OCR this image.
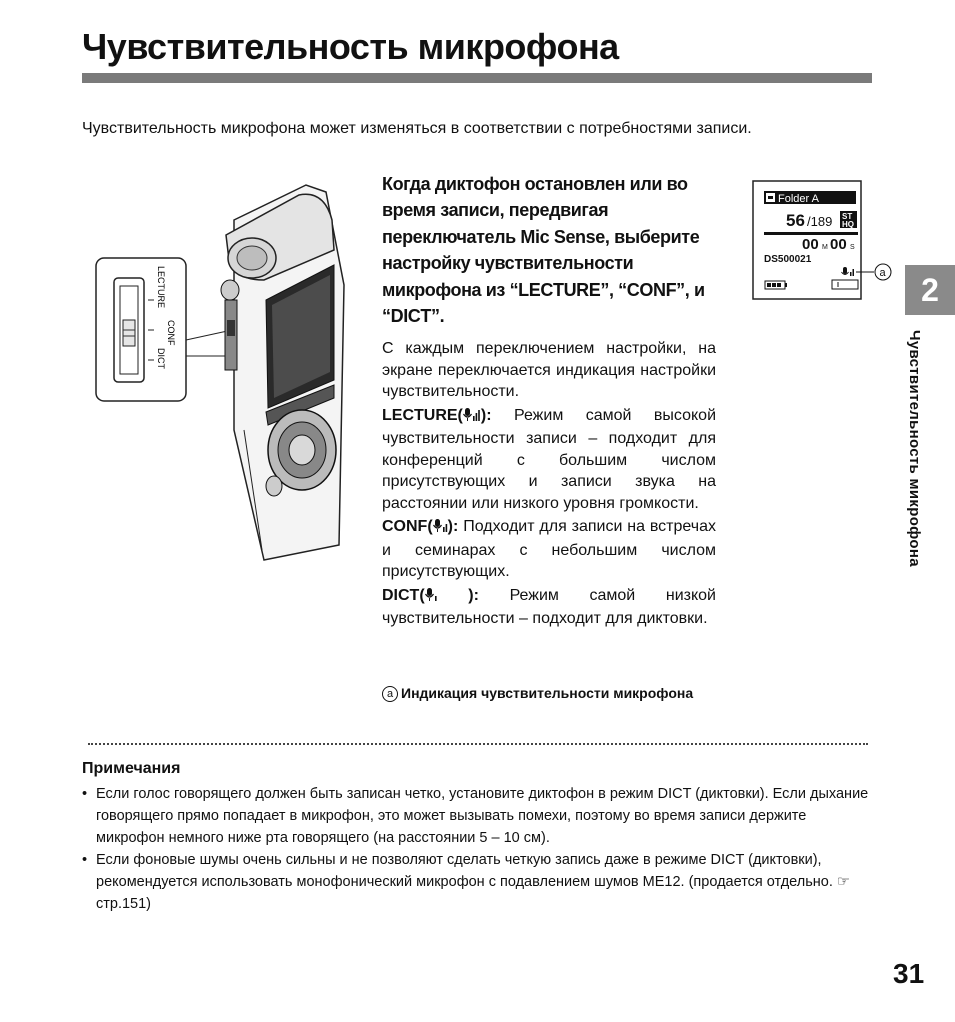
Чувствительность микрофона
Чувствительность микрофона может изменяться в соответствии с потребностями записи.
LECTURE
CONF
DICT
Когда диктофон остановлен или во время записи, передвигая переключатель Mic Sense, выберите настройку чувствительности микрофона из “LECTURE”, “CONF”, и “DICT”.

С каждым переключением настройки, на экране переключается индикация настройки чувствительности.

LECTURE( ): Режим самой высокой чувствительности записи – подходит для конференций с большим числом присутствующих и записи звука на расстоянии или низкого уровня громкости.

CONF( ): Подходит для записи на встречах и семинарах с небольшим числом присутствующих.

DICT( ): Режим самой низкой чувствительности – подходит для диктовки.

a Индикация чувствительности микрофона
Folder A
56 /189 ST
HQ
00 M 00 S
DS500021
a	2
Чувствительность микрофона
Примечания
• Если голос говорящего должен быть записан четко, установите диктофон в режим DICT (диктовки). Если дыхание говорящего прямо попадает в микрофон, это может вызывать помехи, поэтому во время записи держите микрофон немного ниже рта говорящего (на расстоянии 5 – 10 см).
• Если фоновые шумы очень сильны и не позволяют сделать четкую запись даже в режиме DICT (диктовки), рекомендуется использовать монофонический микрофон с подавлением шумов ME12. (продается отдельно. ☞стр.151)
31
